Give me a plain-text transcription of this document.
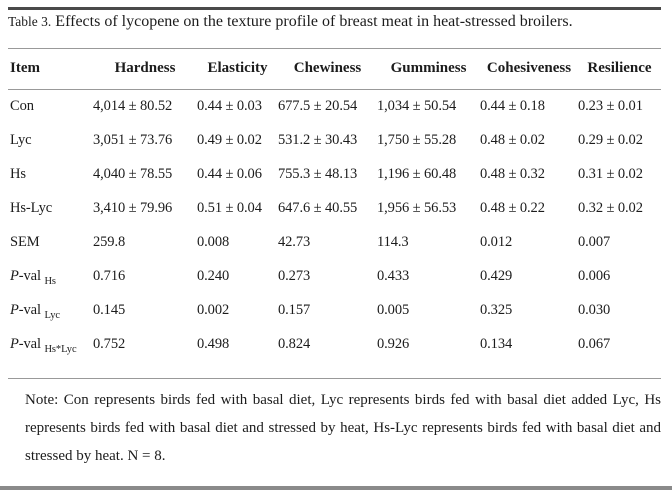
Table 3. Effects of lycopene on the texture profile of breast meat in heat-stressed broilers.
Item	Hardness	Elasticity	Chewiness	Gumminess	Cohesiveness	Resilience
Con	4,014 ± 80.52	0.44 ± 0.03	677.5 ± 20.54	1,034 ± 50.54	0.44 ± 0.18	0.23 ± 0.01
Lyc	3,051 ± 73.76	0.49 ± 0.02	531.2 ± 30.43	1,750 ± 55.28	0.48 ± 0.02	0.29 ± 0.02
Hs	4,040 ± 78.55	0.44 ± 0.06	755.3 ± 48.13	1,196 ± 60.48	0.48 ± 0.32	0.31 ± 0.02
Hs-Lyc	3,410 ± 79.96	0.51 ± 0.04	647.6 ± 40.55	1,956 ± 56.53	0.48 ± 0.22	0.32 ± 0.02
SEM	259.8	0.008	42.73	114.3	0.012	0.007
P-val $_{Hs}$	0.716	0.240	0.273	0.433	0.429	0.006
P-val $_{Lyc}$	0.145	0.002	0.157	0.005	0.325	0.030
P-val $_{Hs*Lyc}$	0.752	0.498	0.824	0.926	0.134	0.067
Note: Con represents birds fed with basal diet, Lyc represents birds fed with basal diet added Lyc, Hs represents birds fed with basal diet and stressed by heat, Hs-Lyc represents birds fed with basal diet and stressed by heat. N = 8.
